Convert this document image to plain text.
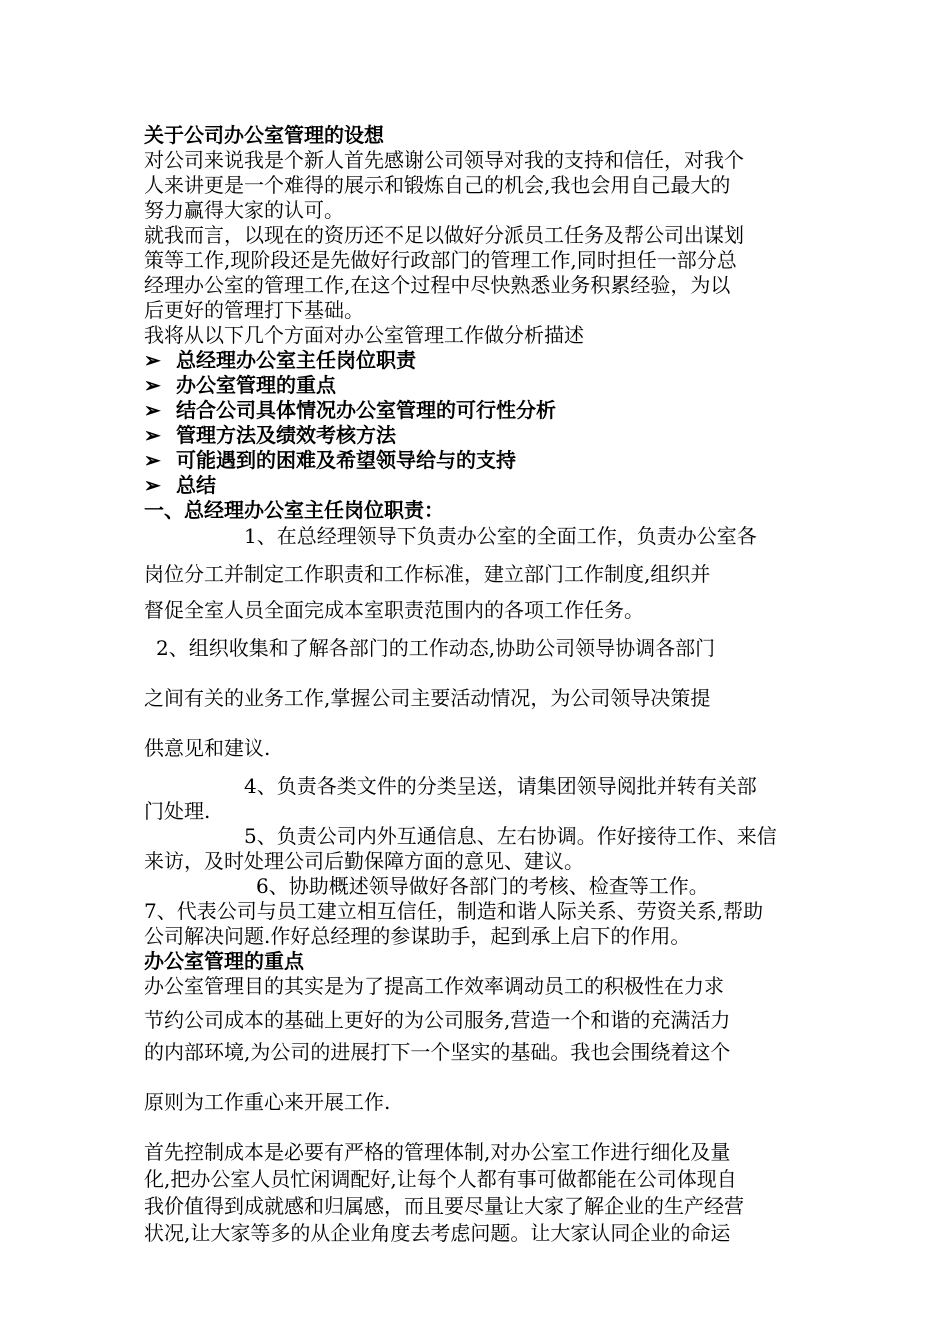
关于公司办公室管理的设想
对公司来说我是个新人首先感谢公司领导对我的支持和信任，对我个
人来讲更是一个难得的展示和锻炼自己的机会,我也会用自己最大的
努力赢得大家的认可。
就我而言，以现在的资历还不足以做好分派员工任务及帮公司出谋划
策等工作,现阶段还是先做好行政部门的管理工作,同时担任一部分总
经理办公室的管理工作,在这个过程中尽快熟悉业务积累经验，为以
后更好的管理打下基础。
我将从以下几个方面对办公室管理工作做分析描述
➢ 总经理办公室主任岗位职责
➢ 办公室管理的重点
➢ 结合公司具体情况办公室管理的可行性分析
➢ 管理方法及绩效考核方法
➢ 可能遇到的困难及希望领导给与的支持
➢ 总结
一、总经理办公室主任岗位职责：
1、在总经理领导下负责办公室的全面工作，负责办公室各
岗位分工并制定工作职责和工作标准，建立部门工作制度,组织并
督促全室人员全面完成本室职责范围内的各项工作任务。
2、组织收集和了解各部门的工作动态,协助公司领导协调各部门
之间有关的业务工作,掌握公司主要活动情况，为公司领导决策提
供意见和建议.
4、负责各类文件的分类呈送，请集团领导阅批并转有关部
门处理.
5、负责公司内外互通信息、左右协调。作好接待工作、来信
来访，及时处理公司后勤保障方面的意见、建议。
6、协助概述领导做好各部门的考核、检查等工作。
7、代表公司与员工建立相互信任，制造和谐人际关系、劳资关系,帮助
公司解决问题.作好总经理的参谋助手，起到承上启下的作用。
办公室管理的重点
办公室管理目的其实是为了提高工作效率调动员工的积极性在力求
节约公司成本的基础上更好的为公司服务,营造一个和谐的充满活力
的内部环境,为公司的进展打下一个坚实的基础。我也会围绕着这个
原则为工作重心来开展工作.
首先控制成本是必要有严格的管理体制,对办公室工作进行细化及量
化,把办公室人员忙闲调配好,让每个人都有事可做都能在公司体现自
我价值得到成就感和归属感，而且要尽量让大家了解企业的生产经营
状况,让大家等多的从企业角度去考虑问题。让大家认同企业的命运
